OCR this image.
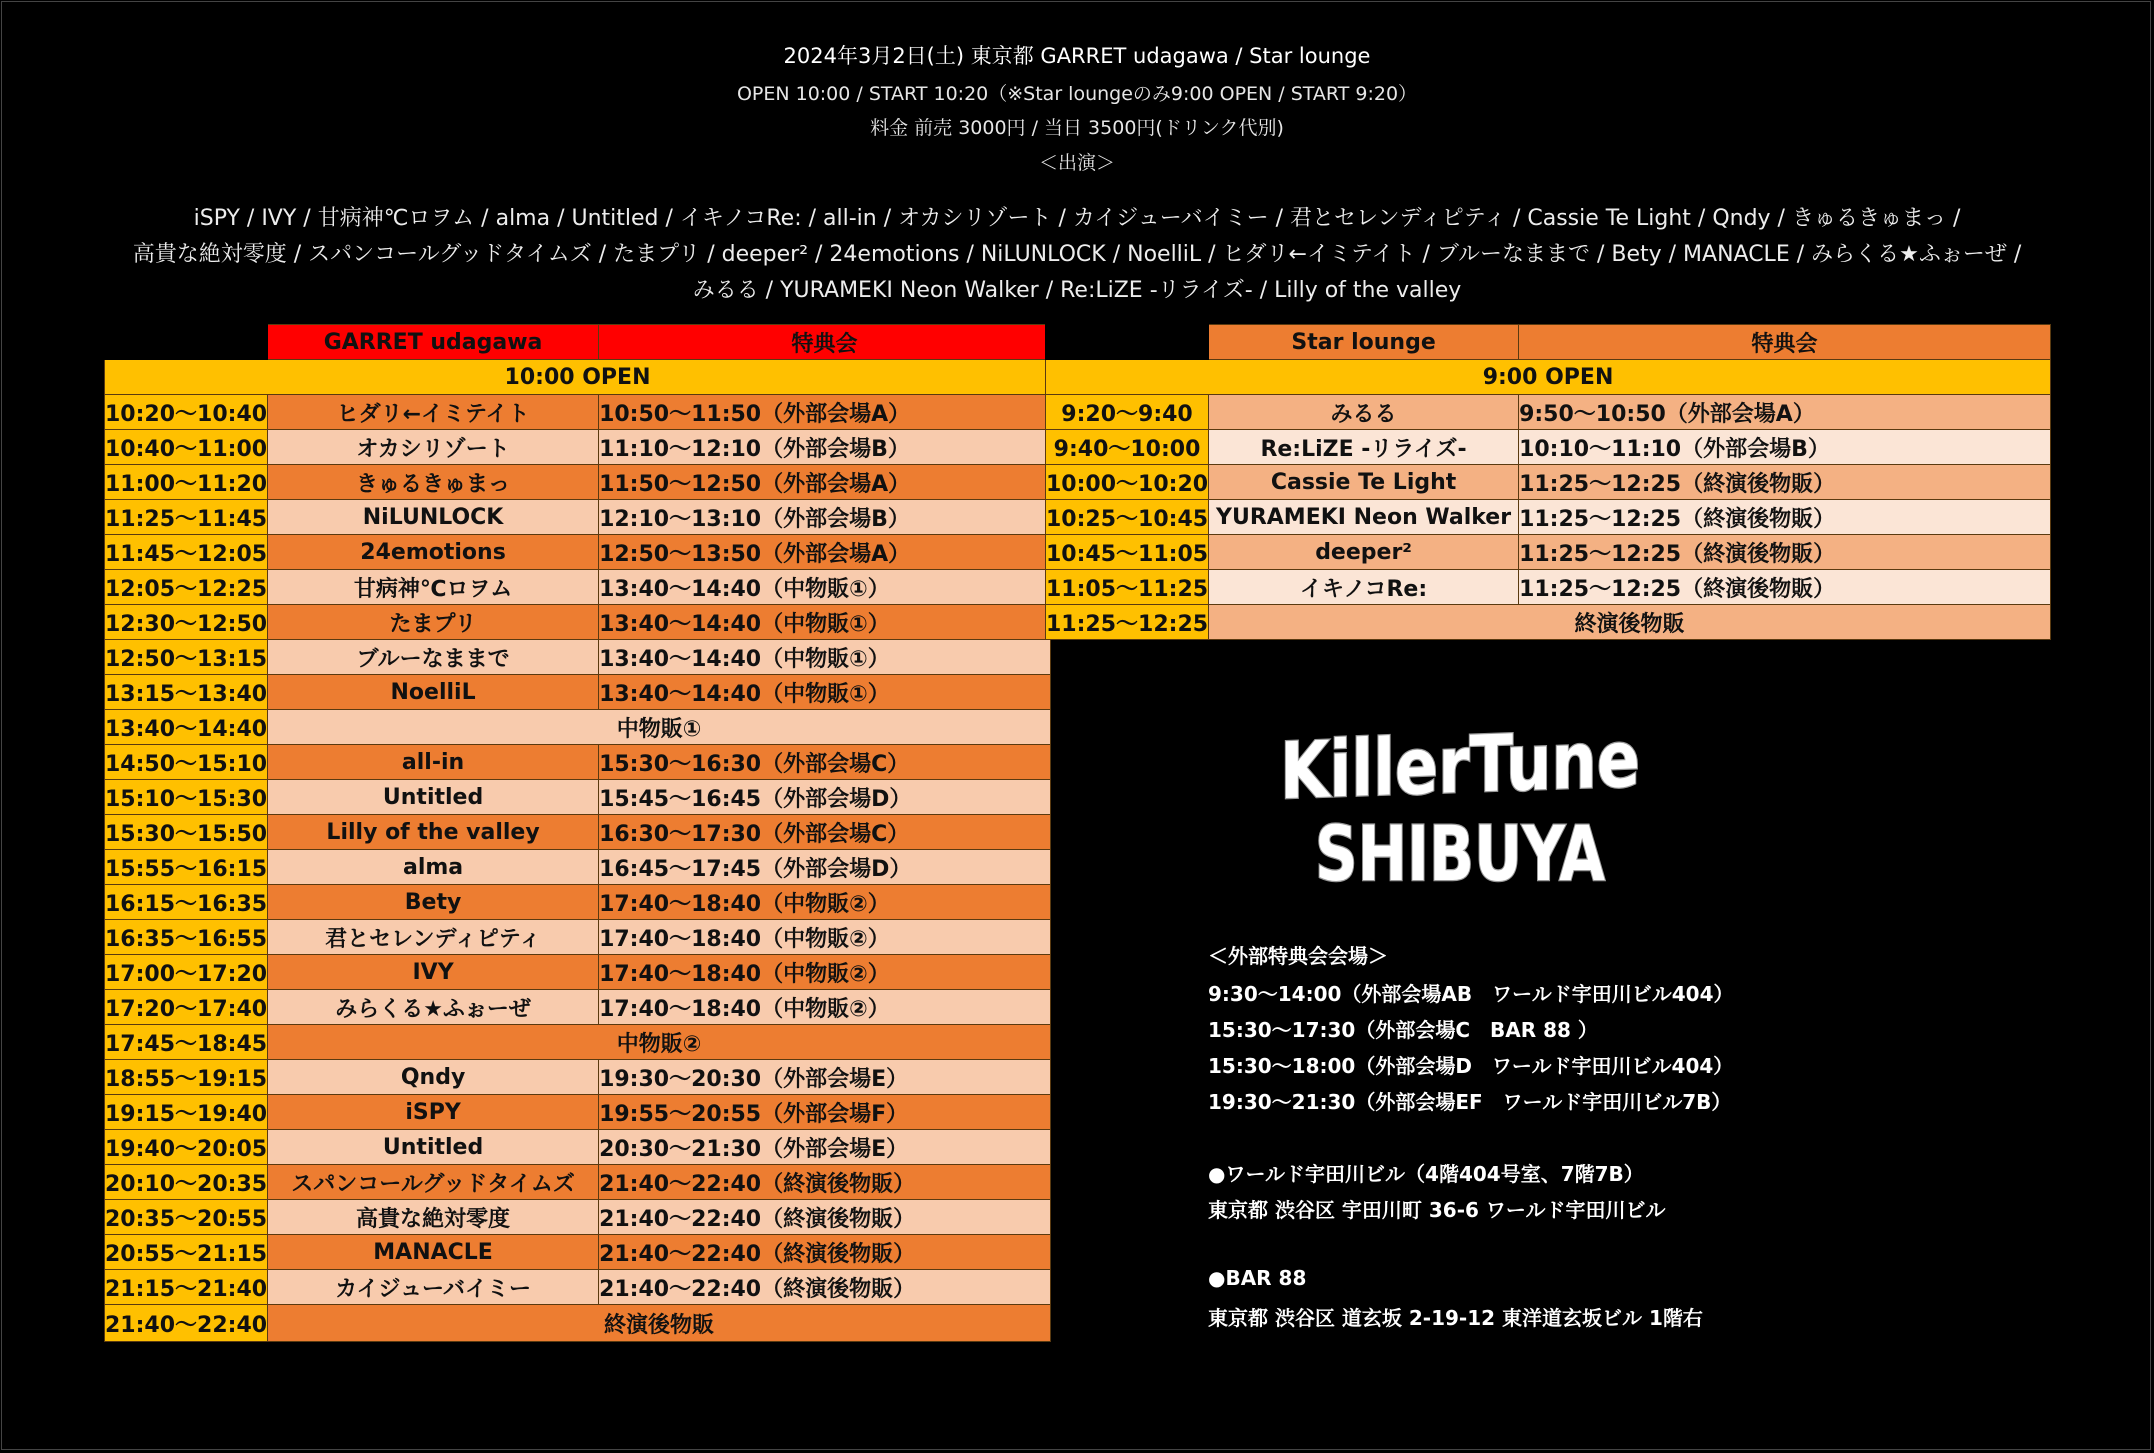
2024年3月2日(土) 東京都 GARRET udagawa / Star lounge
OPEN 10:00 / START 10:20（※Star loungeのみ9:00 OPEN / START 9:20）
料金 前売 3000円 / 当日 3500円(ドリンク代別)
＜出演＞
iSPY / IVY / 甘病神℃ロヲム / alma / Untitled / イキノコRe: / all-in / オカシリゾート / カイジューバイミー / 君とセレンディピティ / Cassie Te Light / Qndy / きゅるきゅまっ /
高貴な絶対零度 / スパンコールグッドタイムズ / たまプリ / deeper² / 24emotions / NiLUNLOCK / NoelliL / ヒダリ←イミテイト / ブルーなままで / Bety / MANACLE / みらくる★ふぉーぜ /
みるる / YURAMEKI Neon Walker / Re:LiZE -リライズ- / Lilly of the valley
	GARRET udagawa	特典会
10:00 OPEN		
10:20〜10:40	ヒダリ←イミテイト	10:50〜11:50（外部会場A）
10:40〜11:00	オカシリゾート	11:10〜12:10（外部会場B）
11:00〜11:20	きゅるきゅまっ	11:50〜12:50（外部会場A）
11:25〜11:45	NiLUNLOCK	12:10〜13:10（外部会場B）
11:45〜12:05	24emotions	12:50〜13:50（外部会場A）
12:05〜12:25	甘病神℃ロヲム	13:40〜14:40（中物販①）
12:30〜12:50	たまプリ	13:40〜14:40（中物販①）
12:50〜13:15	ブルーなままで	13:40〜14:40（中物販①）
13:15〜13:40	NoelliL	13:40〜14:40（中物販①）
13:40〜14:40	中物販①	
14:50〜15:10	all-in	15:30〜16:30（外部会場C）
15:10〜15:30	Untitled	15:45〜16:45（外部会場D）
15:30〜15:50	Lilly of the valley	16:30〜17:30（外部会場C）
15:55〜16:15	alma	16:45〜17:45（外部会場D）
16:15〜16:35	Bety	17:40〜18:40（中物販②）
16:35〜16:55	君とセレンディピティ	17:40〜18:40（中物販②）
17:00〜17:20	IVY	17:40〜18:40（中物販②）
17:20〜17:40	みらくる★ふぉーぜ	17:40〜18:40（中物販②）
17:45〜18:45	中物販②	
18:55〜19:15	Qndy	19:30〜20:30（外部会場E）
19:15〜19:40	iSPY	19:55〜20:55（外部会場F）
19:40〜20:05	Untitled	20:30〜21:30（外部会場E）
20:10〜20:35	スパンコールグッドタイムズ	21:40〜22:40（終演後物販）
20:35〜20:55	高貴な絶対零度	21:40〜22:40（終演後物販）
20:55〜21:15	MANACLE	21:40〜22:40（終演後物販）
21:15〜21:40	カイジューバイミー	21:40〜22:40（終演後物販）
21:40〜22:40	終演後物販	
	Star lounge	特典会
9:00 OPEN		
9:20〜9:40	みるる	9:50〜10:50（外部会場A）
9:40〜10:00	Re:LiZE -リライズ-	10:10〜11:10（外部会場B）
10:00〜10:20	Cassie Te Light	11:25〜12:25（終演後物販）
10:25〜10:45	YURAMEKI Neon Walker	11:25〜12:25（終演後物販）
10:45〜11:05	deeper²	11:25〜12:25（終演後物販）
11:05〜11:25	イキノコRe:	11:25〜12:25（終演後物販）
11:25〜12:25	終演後物販	
KillerTune
SHIBUYA
＜外部特典会会場＞
9:30〜14:00（外部会場AB　ワールド宇田川ビル404）
15:30〜17:30（外部会場C　BAR 88 ）
15:30〜18:00（外部会場D　ワールド宇田川ビル404）
19:30〜21:30（外部会場EF　ワールド宇田川ビル7B）
●ワールド宇田川ビル（4階404号室、7階7B）
東京都 渋谷区 宇田川町 36-6 ワールド宇田川ビル
●BAR 88
東京都 渋谷区 道玄坂 2-19-12 東洋道玄坂ビル 1階右
